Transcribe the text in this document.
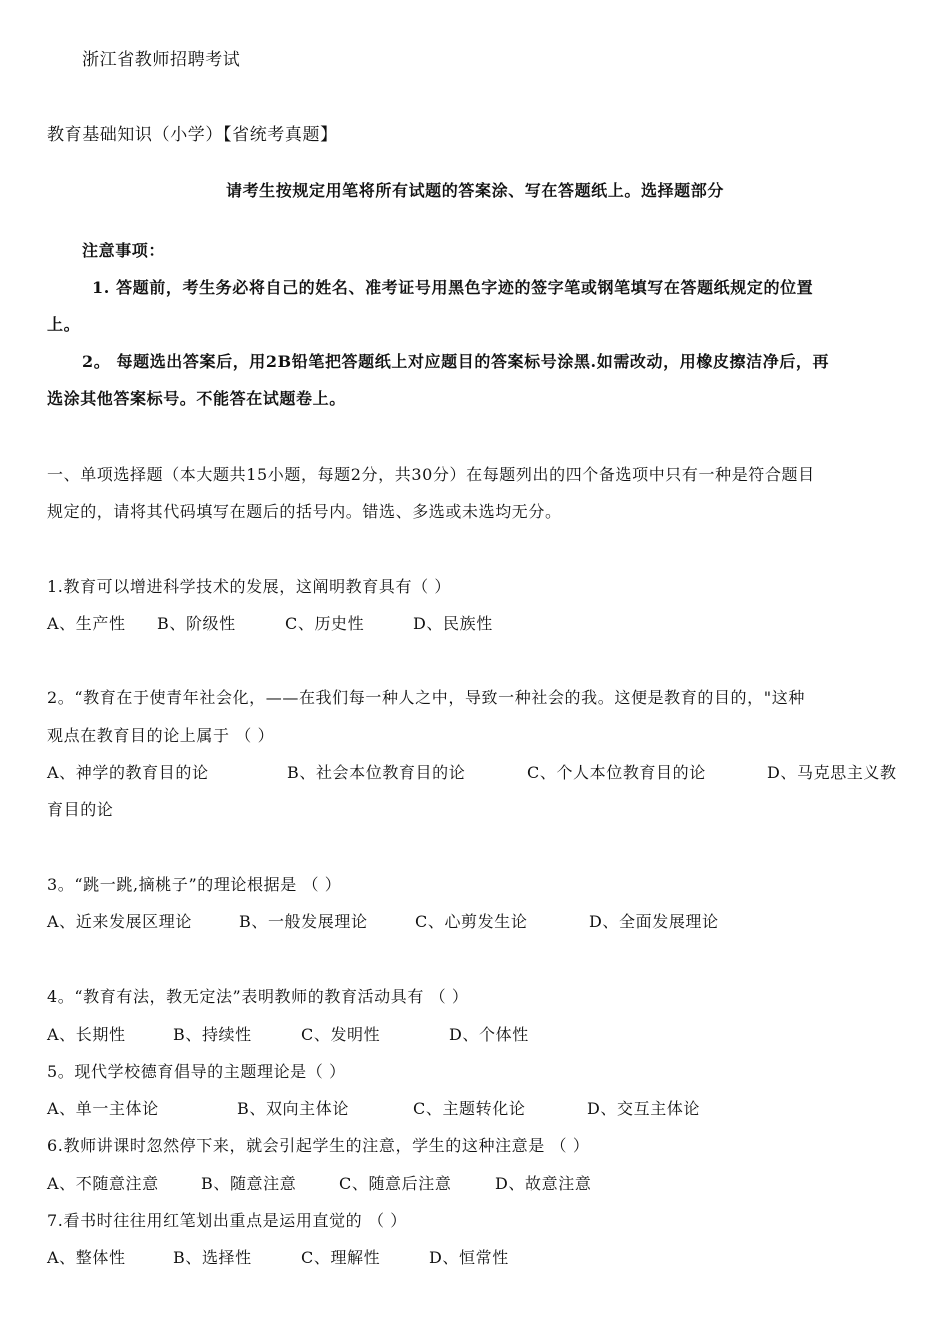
浙江省教师招聘考试
教育基础知识（小学）【省统考真题】
请考生按规定用笔将所有试题的答案涂、写在答题纸上。选择题部分
注意事项：
1. 答题前，考生务必将自己的姓名、准考证号用黑色字迹的签字笔或钢笔填写在答题纸规定的位置
上。
2。 每题选出答案后，用2B铅笔把答题纸上对应题目的答案标号涂黑.如需改动，用橡皮擦洁净后，再
选涂其他答案标号。不能答在试题卷上。
一、单项选择题（本大题共15小题，每题2分，共30分）在每题列出的四个备选项中只有一种是符合题目
规定的，请将其代码填写在题后的括号内。错选、多选或未选均无分。
1.教育可以增进科学技术的发展，这阐明教育具有（ ）
A、生产性 B、阶级性	C、历史性	D、民族性
2。“教育在于使青年社会化，——在我们每一种人之中，导致一种社会的我。这便是教育的目的，"这种
观点在教育目的论上属于 （ ）
A、神学的教育目的论	B、社会本位教育目的论	C、个人本位教育目的论	D、马克思主义教
育目的论
3。“跳一跳,摘桃子”的理论根据是 （ ）
A、近来发展区理论	B、一般发展理论	C、心剪发生论	D、全面发展理论
4。“教育有法，教无定法”表明教师的教育活动具有 （ ）
A、长期性	B、持续性	C、发明性	D、个体性
5。现代学校德育倡导的主题理论是（ ）
A、单一主体论	B、双向主体论	C、主题转化论	D、交互主体论
6.教师讲课时忽然停下来，就会引起学生的注意，学生的这种注意是 （ ）
A、不随意注意	B、随意注意	C、随意后注意	D、故意注意
7.看书时往往用红笔划出重点是运用直觉的 （ ）
A、整体性	B、选择性	C、理解性	D、恒常性
